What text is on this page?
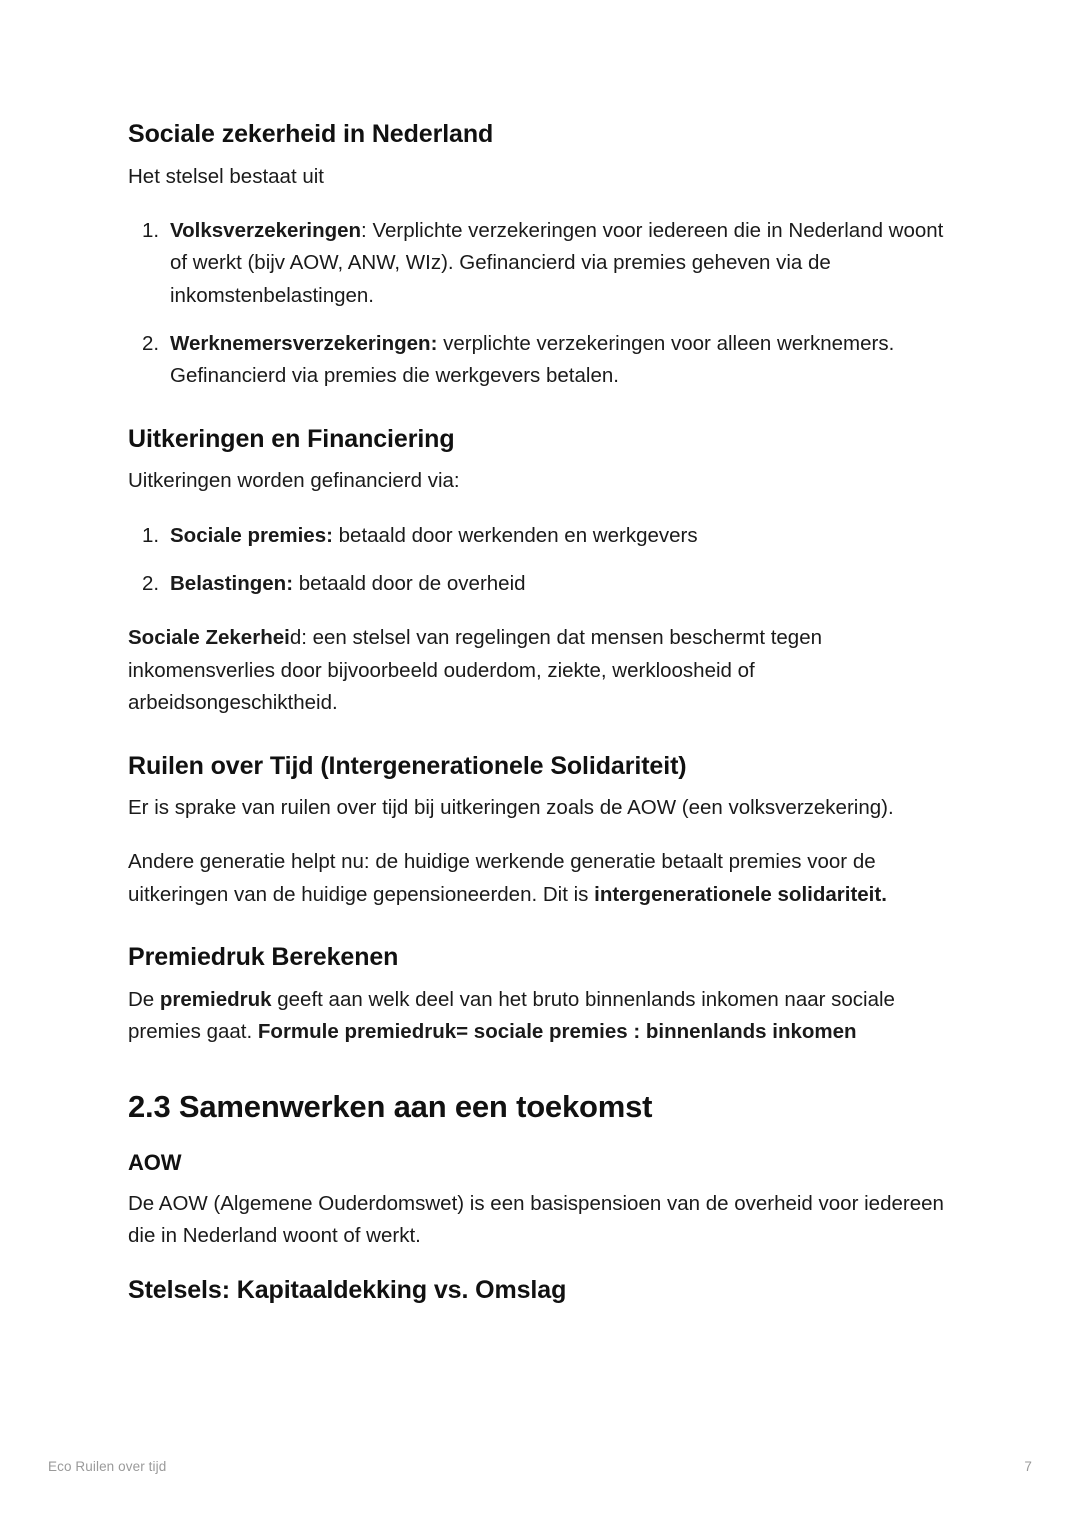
Sociale zekerheid in Nederland

Het stelsel bestaat uit

1. Volksverzekeringen: Verplichte verzekeringen voor iedereen die in Nederland woont of werkt (bijv AOW, ANW, WIz). Gefinancierd via premies geheven via de inkomstenbelastingen.
2. Werknemersverzekeringen: verplichte verzekeringen voor alleen werknemers. Gefinancierd via premies die werkgevers betalen.
Uitkeringen en Financiering

Uitkeringen worden gefinancierd via:

1. Sociale premies: betaald door werkenden en werkgevers
2. Belastingen: betaald door de overheid

Sociale Zekerheid: een stelsel van regelingen dat mensen beschermt tegen inkomensverlies door bijvoorbeeld ouderdom, ziekte, werkloosheid of arbeidsongeschiktheid.

Ruilen over Tijd (Intergenerationele Solidariteit)

Er is sprake van ruilen over tijd bij uitkeringen zoals de AOW (een volksverzekering).

Andere generatie helpt nu: de huidige werkende generatie betaalt premies voor de uitkeringen van de huidige gepensioneerden. Dit is intergenerationele solidariteit.

Premiedruk Berekenen

De premiedruk geeft aan welk deel van het bruto binnenlands inkomen naar sociale premies gaat. Formule premiedruk= sociale premies : binnenlands inkomen

2.3 Samenwerken aan een toekomst
AOW

De AOW (Algemene Ouderdomswet) is een basispensioen van de overheid voor iedereen die in Nederland woont of werkt.

Stelsels: Kapitaaldekking vs. Omslag
Eco Ruilen over tijd	7
